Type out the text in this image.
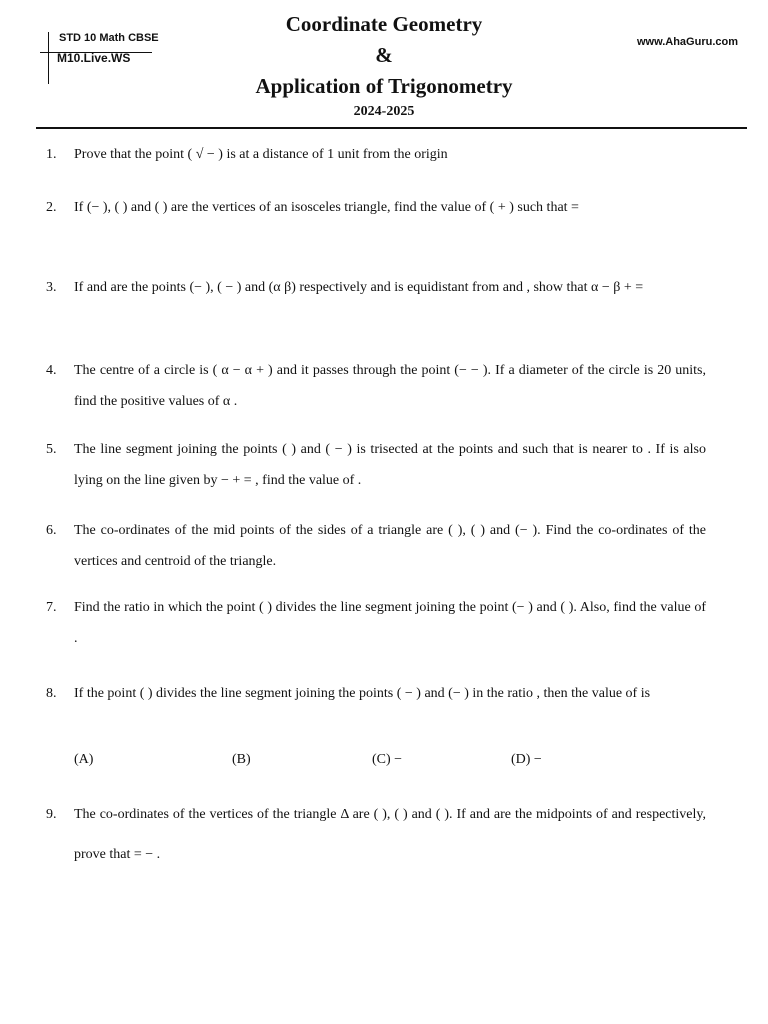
STD 10 Math CBSE
M10.Live.WS
Coordinate Geometry
&
Application of Trigonometry
2024-2025
www.AhaGuru.com
1.	Prove that the point ( √ − ) is at a distance of 1 unit from the origin
2.	If (− ), ( ) and ( ) are the vertices of an isosceles triangle, find the value of ( + ) such that =
3.	If and are the points (− ), ( − ) and (α β) respectively and is equidistant from and , show that α − β + =
4.	The centre of a circle is ( α − α + ) and it passes through the point (− − ). If a diameter of the circle is 20 units, find the positive values of α .
5.	The line segment joining the points ( ) and ( − ) is trisected at the points and such that is nearer to . If is also lying on the line given by − + = , find the value of .
6.	The co-ordinates of the mid points of the sides of a triangle are ( ), ( ) and (− ). Find the co-ordinates of the vertices and centroid of the triangle.
7.	Find the ratio in which the point ( ) divides the line segment joining the point (− ) and ( ). Also, find the value of .
8.	If the point ( ) divides the line segment joining the points ( − ) and (− ) in the ratio , then the value of is
(A)	(B)	(C) −	(D) −
9.	The co-ordinates of the vertices of the triangle Δ are ( ), ( ) and ( ). If and are the midpoints of and respectively, prove that = − .
